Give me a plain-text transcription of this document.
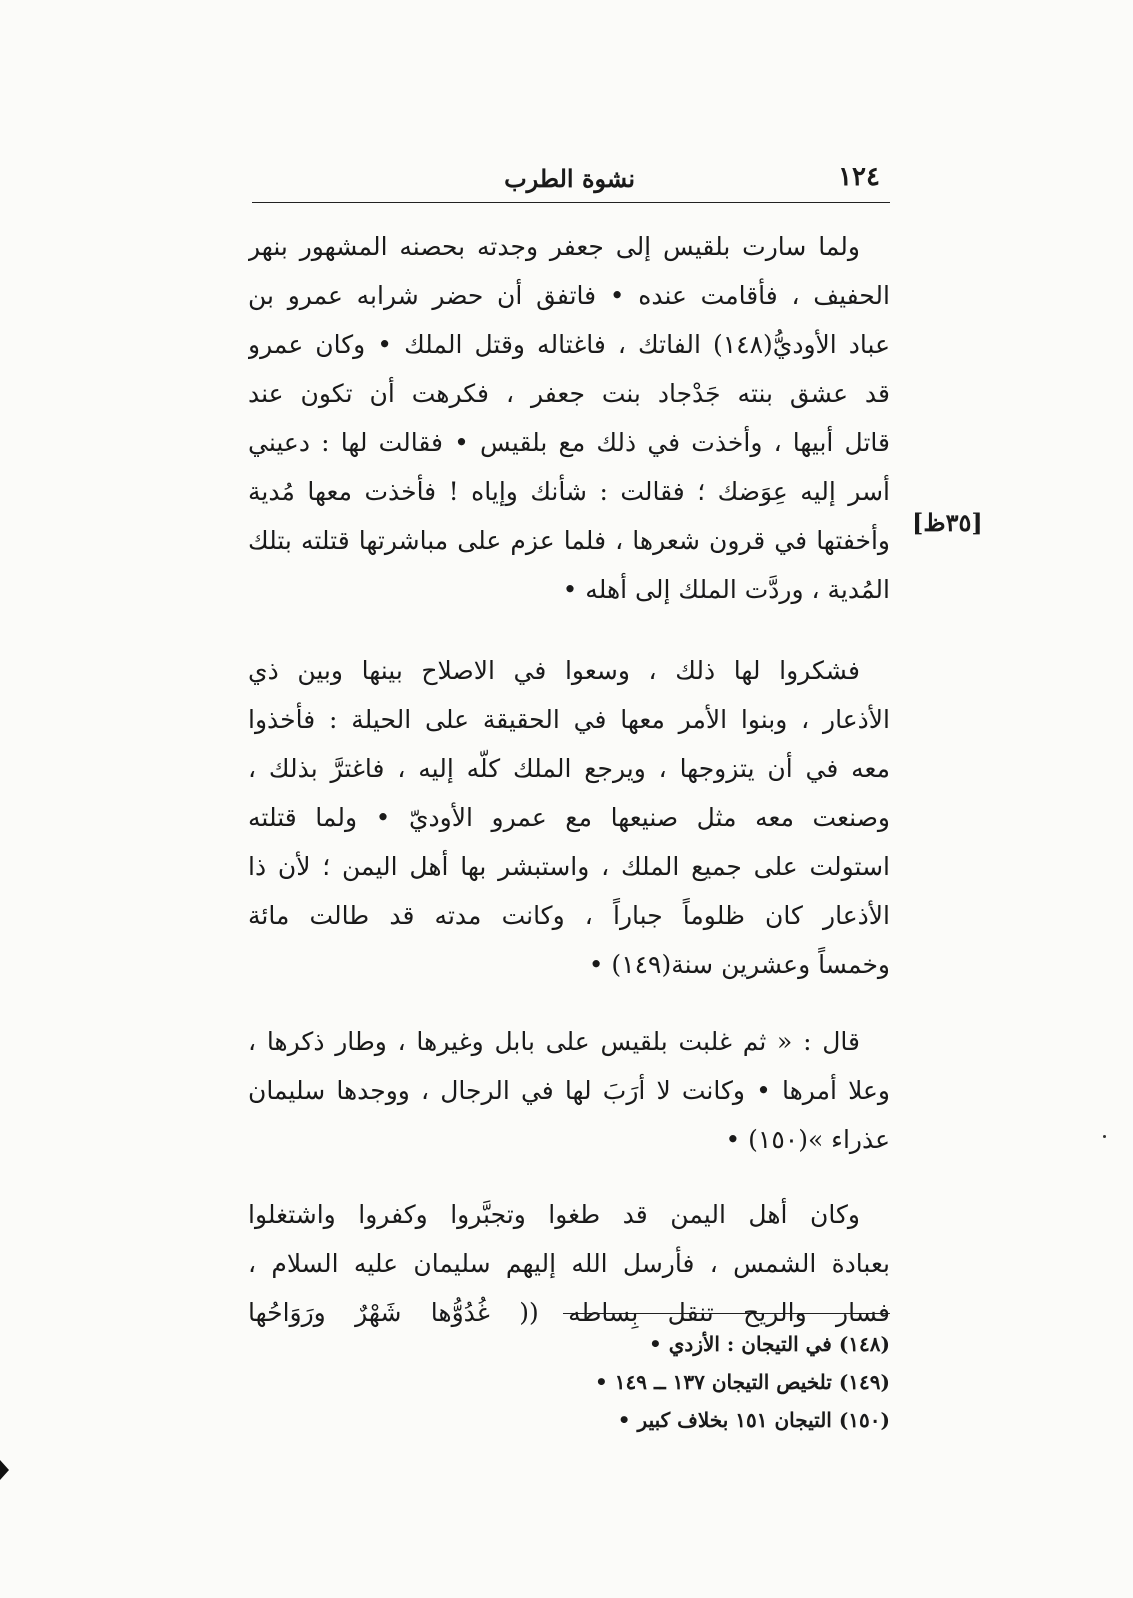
١٢٤
نشوة الطرب
[٣٥ظ]

ولما سارت بلقيس إلى جعفر وجدته بحصنه المشهور بنهر
الحفيف ، فأقامت عنده • فاتفق أن حضر شرابه عمرو بن
عباد الأوديُّ(١٤٨) الفاتك ، فاغتاله وقتل الملك • وكان عمرو
قد عشق بنته جَدْجاد بنت جعفر ، فكرهت أن تكون عند
قاتل أبيها ، وأخذت في ذلك مع بلقيس • فقالت لها : دعيني
أسر إليه عِوَضك ؛ فقالت : شأنك وإياه ! فأخذت معها مُدية
وأخفتها في قرون شعرها ، فلما عزم على مباشرتها قتلته بتلك
المُدية ، وردَّت الملك إلى أهله •

فشكروا لها ذلك ، وسعوا في الاصلاح بينها وبين ذي
الأذعار ، وبنوا الأمر معها في الحقيقة على الحيلة : فأخذوا
معه في أن يتزوجها ، ويرجع الملك كلّه إليه ، فاغترَّ بذلك ،
وصنعت معه مثل صنيعها مع عمرو الأوديّ • ولما قتلته
استولت على جميع الملك ، واستبشر بها أهل اليمن ؛ لأن ذا
الأذعار كان ظلوماً جباراً ، وكانت مدته قد طالت مائة
وخمساً وعشرين سنة(١٤٩) •

قال : « ثم غلبت بلقيس على بابل وغيرها ، وطار ذكرها ،
وعلا أمرها • وكانت لا أرَبَ لها في الرجال ، ووجدها سليمان
عذراء »(١٥٠) •

وكان أهل اليمن قد طغوا وتجبَّروا وكفروا واشتغلوا
بعبادة الشمس ، فأرسل الله إليهم سليمان عليه السلام ،
فسار والريح تنقل بِساطه (( غُدُوُّها شَهْرٌ ورَوَاحُها

(١٤٨) في التيجان : الأزدي •
(١٤٩) تلخيص التيجان ١٣٧ ــ ١٤٩ •
(١٥٠) التيجان ١٥١ بخلاف كبير •
